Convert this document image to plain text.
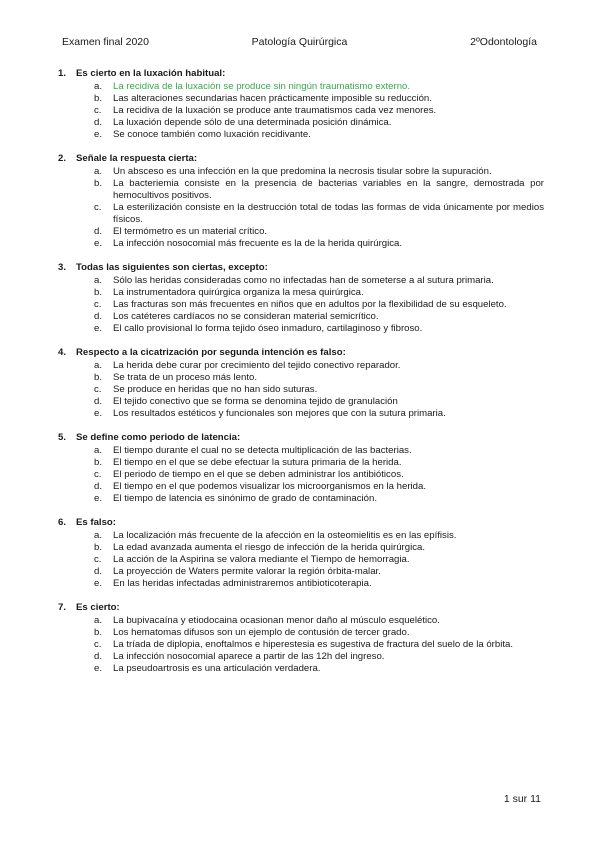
Examen final 2020	Patología Quirúrgica	2ºOdontología
1.	Es cierto en la luxación habitual:
a.	La recidiva de la luxación se produce sin ningún traumatismo externo.
b.	Las alteraciones secundarias hacen prácticamente imposible su reducción.
c.	La recidiva de la luxación se produce ante traumatismos cada vez menores.
d.	La luxación depende sólo de una determinada posición dinámica.
e.	Se conoce también como luxación recidivante.
2.	Señale la respuesta cierta:
a.	Un absceso es una infección en la que predomina la necrosis tisular sobre la supuración.
b.	La bacteriemia consiste en la presencia de bacterias variables en la sangre, demostrada por hemocultivos positivos.
c.	La esterilización consiste en la destrucción total de todas las formas de vida únicamente por medios físicos.
d.	El termómetro es un material crítico.
e.	La infección nosocomial más frecuente es la de la herida quirúrgica.
3.	Todas las siguientes son ciertas, excepto:
a.	Sólo las heridas consideradas como no infectadas han de someterse a al sutura primaria.
b.	La instrumentadora quirúrgica organiza la mesa quirúrgica.
c.	Las fracturas son más frecuentes en niños que en adultos por la flexibilidad de su esqueleto.
d.	Los catéteres cardíacos no se consideran material semicrítico.
e.	El callo provisional lo forma tejido óseo inmaduro, cartilaginoso y fibroso.
4.	Respecto a la cicatrización por segunda intención es falso:
a.	La herida debe curar por crecimiento del tejido conectivo reparador.
b.	Se trata de un proceso más lento.
c.	Se produce en heridas que no han sido suturas.
d.	El tejido conectivo que se forma se denomina tejido de granulación
e.	Los resultados estéticos y funcionales son mejores que con la sutura primaria.
5.	Se define como periodo de latencia:
a.	El tiempo durante el cual no se detecta multiplicación de las bacterias.
b.	El tiempo en el que se debe efectuar la sutura primaria de la herida.
c.	El periodo de tiempo en el que se deben administrar los antibióticos.
d.	El tiempo en el que podemos visualizar los microorganismos en la herida.
e.	El tiempo de latencia es sinónimo de grado de contaminación.
6.	Es falso:
a.	La localización más frecuente de la afección en la osteomielitis es en las epífisis.
b.	La edad avanzada aumenta el riesgo de infección de la herida quirúrgica.
c.	La acción de la Aspirina se valora mediante el Tiempo de hemorragia.
d.	La proyección de Waters permite valorar la región órbita-malar.
e.	En las heridas infectadas administraremos antibioticoterapia.
7.	Es cierto:
a.	La bupivacaína y etiodocaina ocasionan menor daño al músculo esquelético.
b.	Los hematomas difusos son un ejemplo de contusión de tercer grado.
c.	La tríada de diplopia, enoftalmos e hiperestesia es sugestiva de fractura del suelo de la órbita.
d.	La infección nosocomial aparece a partir de las 12h del ingreso.
e.	La pseudoartrosis es una articulación verdadera.
1 sur 11
